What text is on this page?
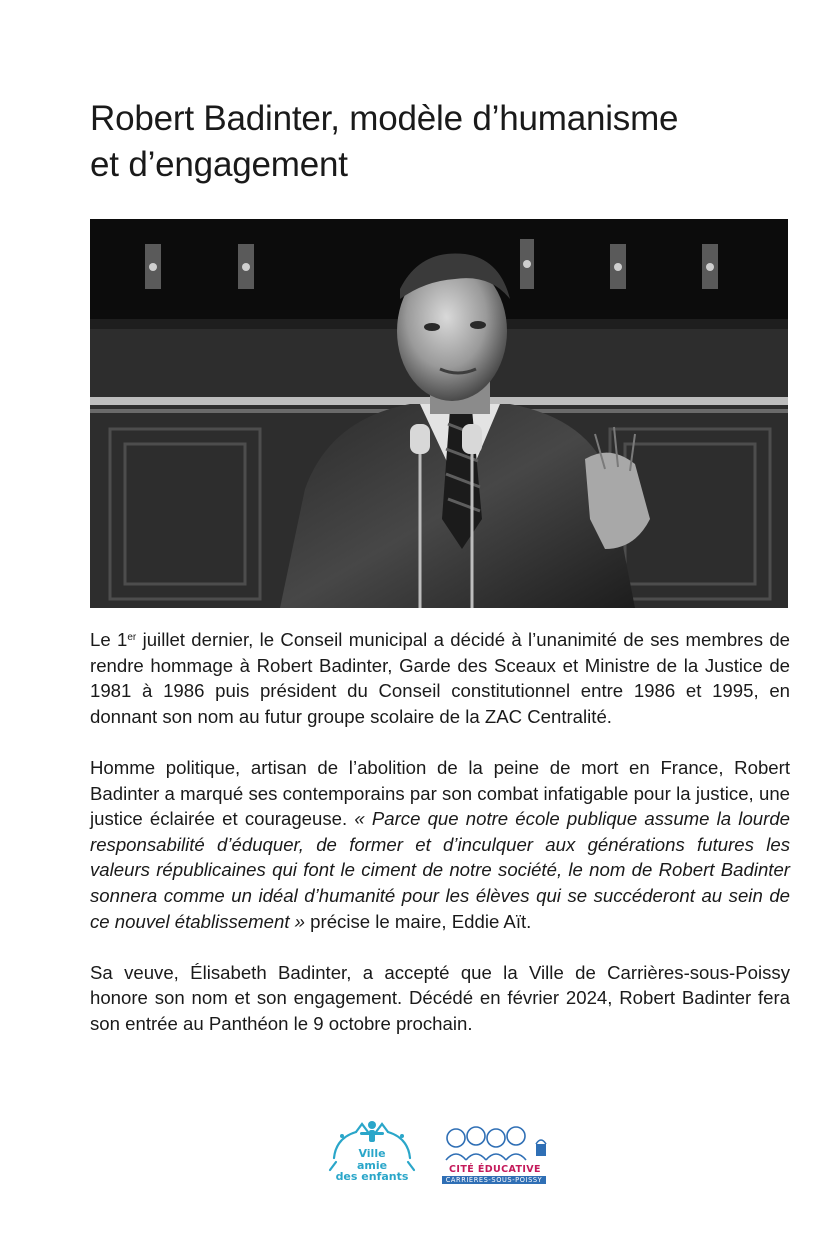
Robert Badinter, modèle d’humanisme
et d’engagement

Le 1er juillet dernier, le Conseil municipal a décidé à l’unanimité de ses membres de rendre hommage à Robert Badinter, Garde des Sceaux et Ministre de la Justice de 1981 à 1986 puis président du Conseil constitutionnel entre 1986 et 1995, en donnant son nom au futur groupe scolaire de la ZAC Centralité.

Homme politique, artisan de l’abolition de la peine de mort en France, Robert Badinter a marqué ses contemporains par son combat infatigable pour la justice, une justice éclairée et courageuse. « Parce que notre école publique assume la lourde responsabilité d’éduquer, de former et d’inculquer aux générations futures les valeurs républicaines qui font le ciment de notre société, le nom de Robert Badinter sonnera comme un idéal d’humanité pour les élèves qui se succéderont au sein de ce nouvel établissement » précise le maire, Eddie Aït.

Sa veuve, Élisabeth Badinter, a accepté que la Ville de Carrières-sous-Poissy honore son nom et son engagement. Décédé en février 2024, Robert Badinter fera son entrée au Panthéon le 9 octobre prochain.

Ville
amie
des enfants
CITÉ ÉDUCATIVE
CARRIÈRES-SOUS-POISSY
